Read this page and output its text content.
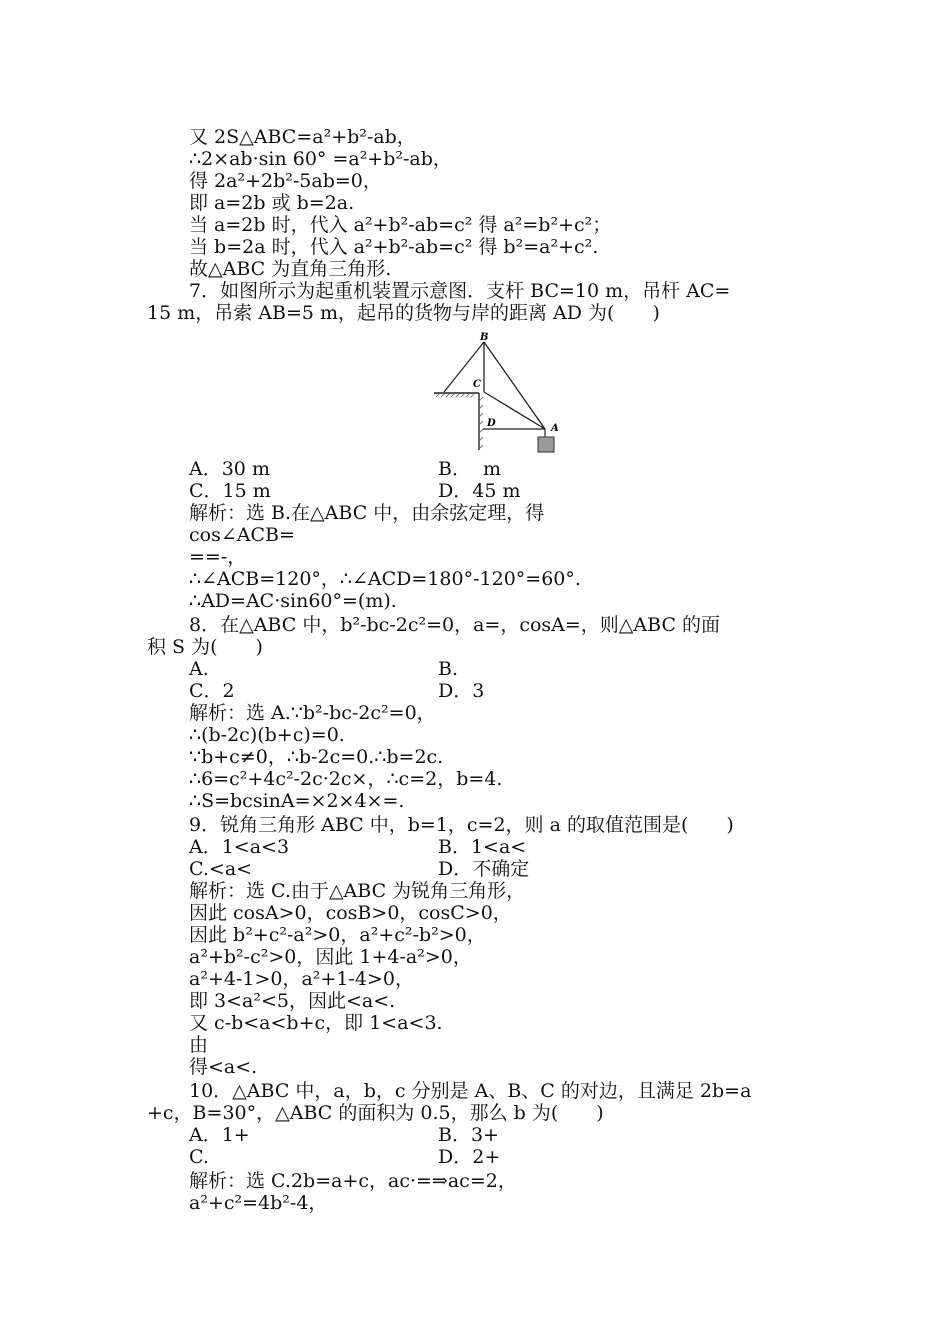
又 2S△ABC=a²+b²-ab，
∴2×ab·sin 60° =a²+b²-ab，
得 2a²+2b²-5ab=0，
即 a=2b 或 b=2a.
当 a=2b 时，代入 a²+b²-ab=c² 得 a²=b²+c²；
当 b=2a 时，代入 a²+b²-ab=c² 得 b²=a²+c².
故△ABC 为直角三角形.
7．如图所示为起重机装置示意图．支杆 BC=10 m，吊杆 AC=
15 m，吊索 AB=5 m，起吊的货物与岸的距离 AD 为(　　)
B
C
D	A
A．30 m	B．  m
C．15 m	D．45 m
解析：选 B.在△ABC 中，由余弦定理，得
cos∠ACB=
==-，
∴∠ACB=120°，∴∠ACD=180°-120°=60°.
∴AD=AC·sin60°=(m).
8．在△ABC 中，b²-bc-2c²=0，a=，cosA=，则△ABC 的面
积 S 为(　　)
A.	B.
C．2	D．3
解析：选 A.∵b²-bc-2c²=0，
∴(b-2c)(b+c)=0.
∵b+c≠0，∴b-2c=0.∴b=2c.
∴6=c²+4c²-2c·2c×，∴c=2，b=4.
∴S=bcsinA=×2×4×=.
9．锐角三角形 ABC 中，b=1，c=2，则 a 的取值范围是(　　)
A．1<a<3	B．1<a<
C.<a<	D．不确定
解析：选 C.由于△ABC 为锐角三角形，
因此 cosA>0，cosB>0，cosC>0，
因此 b²+c²-a²>0，a²+c²-b²>0，
a²+b²-c²>0，因此 1+4-a²>0，
a²+4-1>0，a²+1-4>0，
即 3<a²<5，因此<a<.
又 c-b<a<b+c，即 1<a<3.
由
得<a<.
10．△ABC 中，a，b，c 分别是 A、B、C 的对边，且满足 2b=a
+c，B=30°，△ABC 的面积为 0.5，那么 b 为(　　)
A．1+	B．3+
C.	D．2+
解析：选 C.2b=a+c，ac·=⇒ac=2，
a²+c²=4b²-4，
